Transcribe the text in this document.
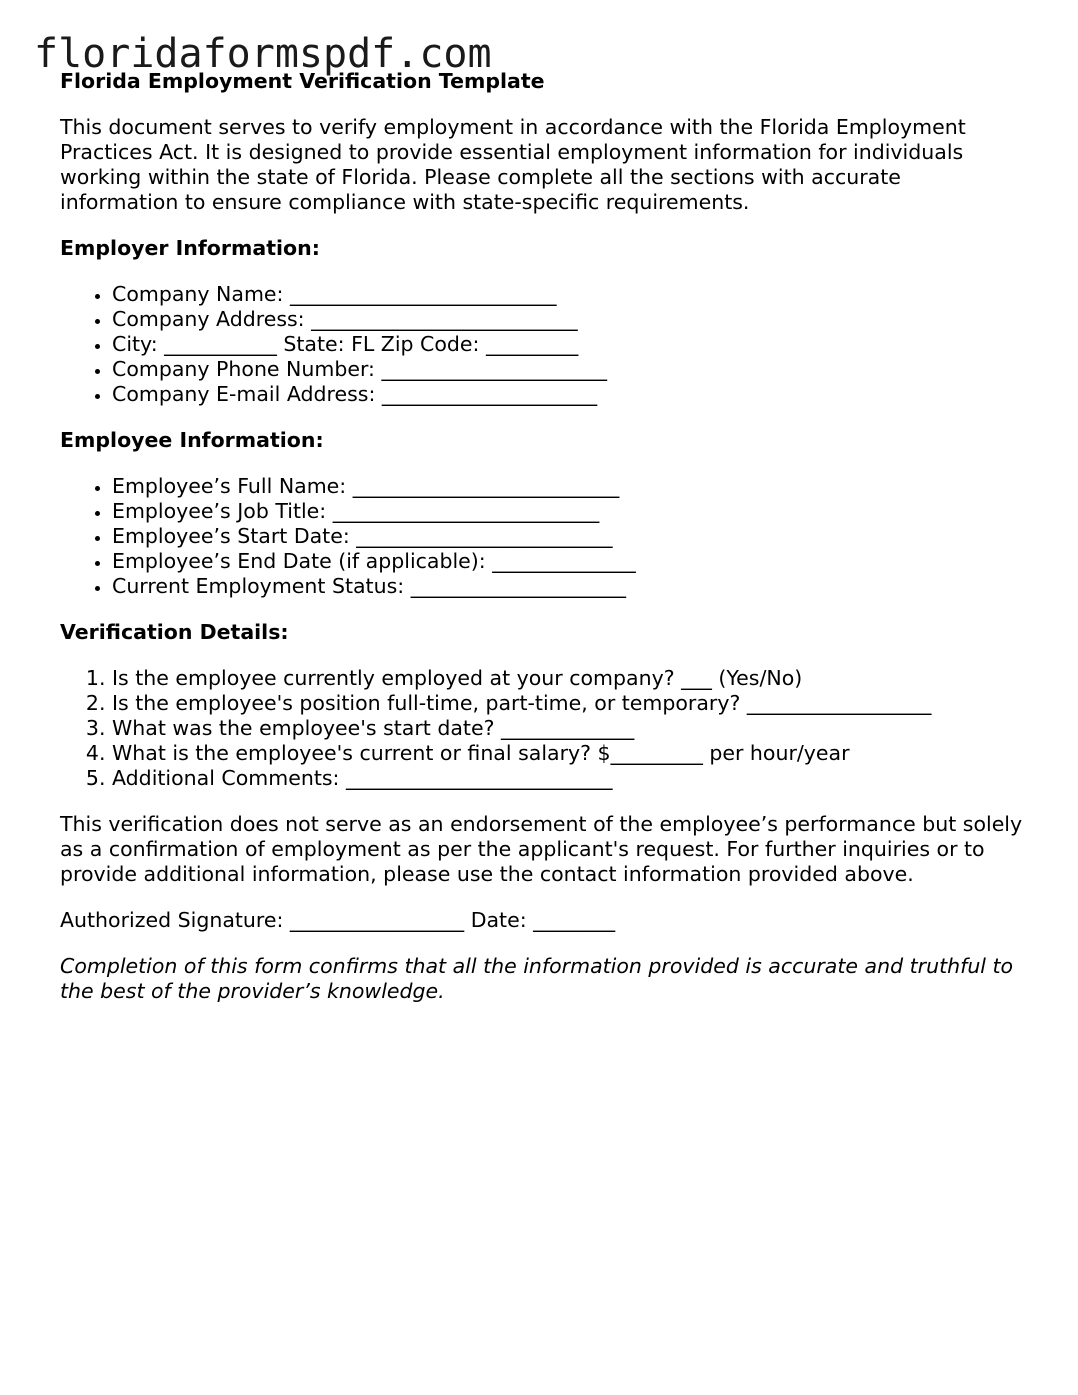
floridaformspdf.com
Florida Employment Verification Template

This document serves to verify employment in accordance with the Florida Employment Practices Act. It is designed to provide essential employment information for individuals working within the state of Florida. Please complete all the sections with accurate information to ensure compliance with state-specific requirements.

Employer Information:
• Company Name: __________________________
• Company Address: __________________________
• City: ___________ State: FL Zip Code: _________
• Company Phone Number: ______________________
• Company E-mail Address: _____________________
Employee Information:
• Employee’s Full Name: __________________________
• Employee’s Job Title: __________________________
• Employee’s Start Date: _________________________
• Employee’s End Date (if applicable): ______________
• Current Employment Status: _____________________
Verification Details:
1. Is the employee currently employed at your company? ___ (Yes/No)
2. Is the employee's position full-time, part-time, or temporary? __________________
3. What was the employee's start date? _____________
4. What is the employee's current or final salary? $_________ per hour/year
5. Additional Comments: __________________________

This verification does not serve as an endorsement of the employee’s performance but solely as a confirmation of employment as per the applicant's request. For further inquiries or to provide additional information, please use the contact information provided above.

Authorized Signature: _________________ Date: ________

Completion of this form confirms that all the information provided is accurate and truthful to the best of the provider’s knowledge.
